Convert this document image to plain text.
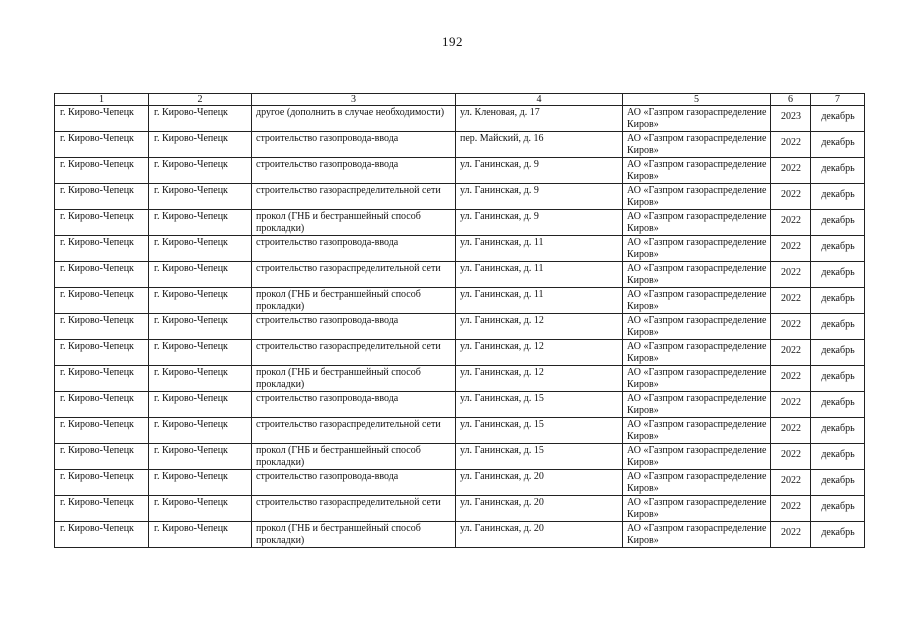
192
1	2	3	4	5	6	7
г. Кирово-Чепецк	г. Кирово-Чепецк	другое (дополнить в случае необходимости)	ул. Кленовая, д. 17	АО «Газпром газораспределение Киров»	2023	декабрь
г. Кирово-Чепецк	г. Кирово-Чепецк	строительство газопровода-ввода	пер. Майский, д. 16	АО «Газпром газораспределение Киров»	2022	декабрь
г. Кирово-Чепецк	г. Кирово-Чепецк	строительство газопровода-ввода	ул. Ганинская, д. 9	АО «Газпром газораспределение Киров»	2022	декабрь
г. Кирово-Чепецк	г. Кирово-Чепецк	строительство газораспределительной сети	ул. Ганинская, д. 9	АО «Газпром газораспределение Киров»	2022	декабрь
г. Кирово-Чепецк	г. Кирово-Чепецк	прокол (ГНБ и бестраншейный способ прокладки)	ул. Ганинская, д. 9	АО «Газпром газораспределение Киров»	2022	декабрь
г. Кирово-Чепецк	г. Кирово-Чепецк	строительство газопровода-ввода	ул. Ганинская, д. 11	АО «Газпром газораспределение Киров»	2022	декабрь
г. Кирово-Чепецк	г. Кирово-Чепецк	строительство газораспределительной сети	ул. Ганинская, д. 11	АО «Газпром газораспределение Киров»	2022	декабрь
г. Кирово-Чепецк	г. Кирово-Чепецк	прокол (ГНБ и бестраншейный способ прокладки)	ул. Ганинская, д. 11	АО «Газпром газораспределение Киров»	2022	декабрь
г. Кирово-Чепецк	г. Кирово-Чепецк	строительство газопровода-ввода	ул. Ганинская, д. 12	АО «Газпром газораспределение Киров»	2022	декабрь
г. Кирово-Чепецк	г. Кирово-Чепецк	строительство газораспределительной сети	ул. Ганинская, д. 12	АО «Газпром газораспределение Киров»	2022	декабрь
г. Кирово-Чепецк	г. Кирово-Чепецк	прокол (ГНБ и бестраншейный способ прокладки)	ул. Ганинская, д. 12	АО «Газпром газораспределение Киров»	2022	декабрь
г. Кирово-Чепецк	г. Кирово-Чепецк	строительство газопровода-ввода	ул. Ганинская, д. 15	АО «Газпром газораспределение Киров»	2022	декабрь
г. Кирово-Чепецк	г. Кирово-Чепецк	строительство газораспределительной сети	ул. Ганинская, д. 15	АО «Газпром газораспределение Киров»	2022	декабрь
г. Кирово-Чепецк	г. Кирово-Чепецк	прокол (ГНБ и бестраншейный способ прокладки)	ул. Ганинская, д. 15	АО «Газпром газораспределение Киров»	2022	декабрь
г. Кирово-Чепецк	г. Кирово-Чепецк	строительство газопровода-ввода	ул. Ганинская, д. 20	АО «Газпром газораспределение Киров»	2022	декабрь
г. Кирово-Чепецк	г. Кирово-Чепецк	строительство газораспределительной сети	ул. Ганинская, д. 20	АО «Газпром газораспределение Киров»	2022	декабрь
г. Кирово-Чепецк	г. Кирово-Чепецк	прокол (ГНБ и бестраншейный способ прокладки)	ул. Ганинская, д. 20	АО «Газпром газораспределение Киров»	2022	декабрь
